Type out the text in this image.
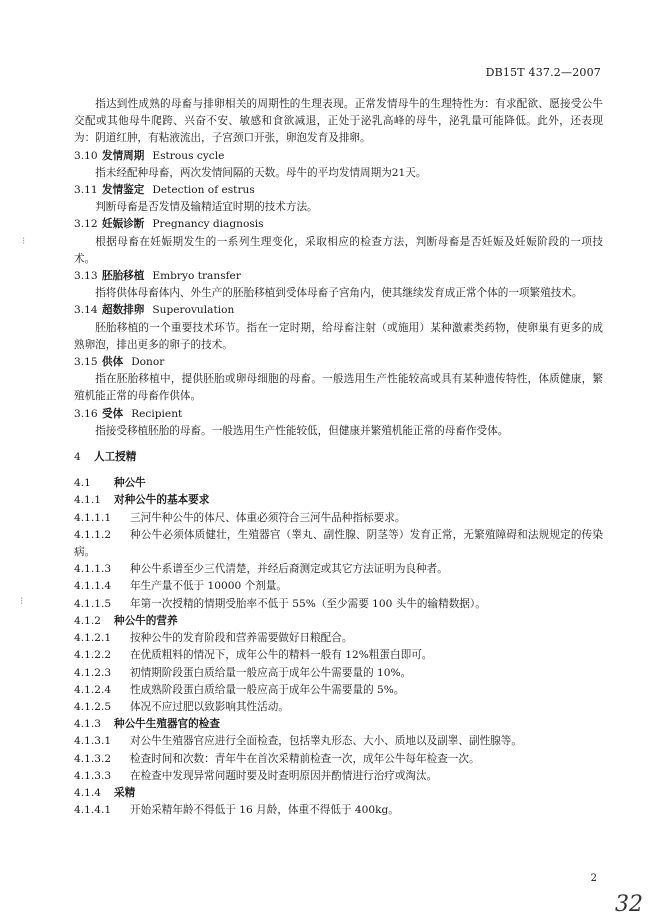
DB15T 437.2—2007

指达到性成熟的母畜与排卵相关的周期性的生理表现。正常发情母牛的生理特性为：有求配欲、愿接受公牛交配或其他母牛爬跨、兴奋不安、敏感和食欲减退，正处于泌乳高峰的母牛，泌乳量可能降低。此外，还表现为：阴道红肿，有粘液流出，子宫颈口开张，卵泡发育及排卵。

3.10 发情周期 Estrous cycle

指未经配种母畜，两次发情间隔的天数。母牛的平均发情周期为21天。

3.11 发情鉴定 Detection of estrus

判断母畜是否发情及输精适宜时期的技术方法。

3.12 妊娠诊断 Pregnancy diagnosis

根据母畜在妊娠期发生的一系列生理变化，采取相应的检查方法，判断母畜是否妊娠及妊娠阶段的一项技术。

3.13 胚胎移植 Embryo transfer

指将供体母畜体内、外生产的胚胎移植到受体母畜子宫角内，使其继续发育成正常个体的一项繁殖技术。

3.14 超数排卵 Superovulation

胚胎移植的一个重要技术环节。指在一定时期，给母畜注射（或施用）某种激素类药物，使卵巢有更多的成熟卵泡，排出更多的卵子的技术。

3.15 供体 Donor

指在胚胎移植中，提供胚胎或卵母细胞的母畜。一般选用生产性能较高或具有某种遗传特性，体质健康，繁殖机能正常的母畜作供体。

3.16 受体 Recipient

指接受移植胚胎的母畜。一般选用生产性能较低，但健康并繁殖机能正常的母畜作受体。

4 人工授精

4.1 种公牛

4.1.1 对种公牛的基本要求

4.1.1.1 三河牛种公牛的体尺、体重必须符合三河牛品种指标要求。

4.1.1.2 种公牛必须体质健壮，生殖器官（睾丸、副性腺、阴茎等）发育正常，无繁殖障碍和法规规定的传染病。

4.1.1.3 种公牛系谱至少三代清楚，并经后裔测定或其它方法证明为良种者。

4.1.1.4 年生产量不低于 10000 个剂量。

4.1.1.5 年第一次授精的情期受胎率不低于 55%（至少需要 100 头牛的输精数据）。

4.1.2 种公牛的营养

4.1.2.1 按种公牛的发育阶段和营养需要做好日粮配合。

4.1.2.2 在优质粗料的情况下，成年公牛的精料一般有 12%粗蛋白即可。

4.1.2.3 初情期阶段蛋白质给量一般应高于成年公牛需要量的 10%。

4.1.2.4 性成熟阶段蛋白质给量一般应高于成年公牛需要量的 5%。

4.1.2.5 体况不应过肥以致影响其性活动。

4.1.3 种公牛生殖器官的检查

4.1.3.1 对公牛生殖器官应进行全面检查，包括睾丸形态、大小、质地以及副睾、副性腺等。

4.1.3.2 检查时间和次数：青年牛在首次采精前检查一次，成年公牛每年检查一次。

4.1.3.3 在检查中发现异常问题时要及时查明原因并酌情进行治疗或淘汰。

4.1.4 采精

4.1.4.1 开始采精年龄不得低于 16 月龄，体重不得低于 400kg。

⁝
⁝
2
32
